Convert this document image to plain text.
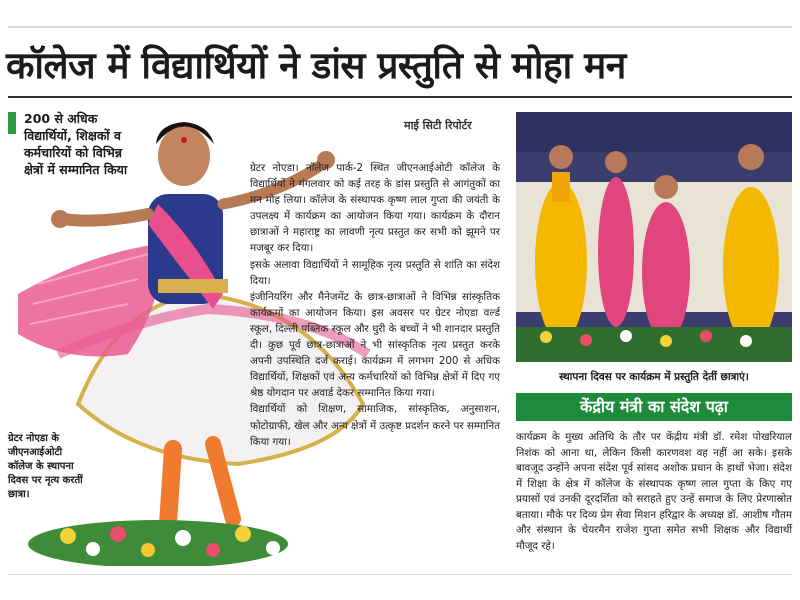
कॉलेज में विद्यार्थियों ने डांस प्रस्तुति से मोहा मन
200 से अधिक विद्यार्थियों, शिक्षकों व कर्मचारियों को विभिन्न क्षेत्रों में सम्मानित किया
माई सिटी रिपोर्टर

ग्रेटर नोएडा। नॉलेज पार्क-2 स्थित जीएनआईओटी कॉलेज के विद्यार्थियों ने मंगलवार को कई तरह के डांस प्रस्तुति से आगंतुकों का मन मोह लिया। कॉलेज के संस्थापक कृष्ण लाल गुप्ता की जयंती के उपलक्ष्य में कार्यक्रम का आयोजन किया गया। कार्यक्रम के दौरान छात्राओं ने महाराष्ट्र का लावणी नृत्य प्रस्तुत कर सभी को झूमने पर मजबूर कर दिया।

इसके अलावा विद्यार्थियों ने सामूहिक नृत्य प्रस्तुति से शांति का संदेश दिया।

इंजीनियरिंग और मैनेजमेंट के छात्र-छात्राओं ने विभिन्न सांस्कृतिक कार्यक्रमों का आयोजन किया। इस अवसर पर ग्रेटर नोएडा वर्ल्ड स्कूल, दिल्ली पब्लिक स्कूल और धुरी के बच्चों ने भी शानदार प्रस्तुति दी। कुछ पूर्व छात्र-छात्राओं ने भी सांस्कृतिक नृत्य प्रस्तुत करके अपनी उपस्थिति दर्ज कराई। कार्यक्रम में लगभग 200 से अधिक विद्यार्थियों, शिक्षकों एवं अन्य कर्मचारियों को विभिन्न क्षेत्रों में दिए गए श्रेष्ठ योगदान पर अवार्ड देकर सम्मानित किया गया।

विद्यार्थियों को शिक्षण, सामाजिक, सांस्कृतिक, अनुसाशन, फोटोग्राफी, खेल और अन्य क्षेत्रों में उत्कृष्ट प्रदर्शन करने पर सम्मानित किया गया।

ग्रेटर नोएडा के जीएनआईओटी कॉलेज के स्थापना दिवस पर नृत्य करतीं छात्रा।
स्थापना दिवस पर कार्यक्रम में प्रस्तुति देतीं छात्राएं।
केंद्रीय मंत्री का संदेश पढ़ा
कार्यक्रम के मुख्य अतिथि के तौर पर केंद्रीय मंत्री डॉ. रमेश पोखरियाल निशंक को आना था, लेकिन किसी कारणवश वह नहीं आ सके। इसके बावजूद उन्होंने अपना संदेश पूर्व सांसद अशोक प्रधान के हाथों भेजा। संदेश में शिक्षा के क्षेत्र में कॉलेज के संस्थापक कृष्ण लाल गुप्ता के किए गए प्रयासों एवं उनकी दूरदर्शिता को सराहते हुए उन्हें समाज के लिए प्रेरणास्रोत बताया। मौके पर दिव्य प्रेम सेवा मिशन हरिद्वार के अध्यक्ष डॉ. आशीष गौतम और संस्थान के चेयरमैन राजेश गुप्ता समेत सभी शिक्षक और विद्यार्थी मौजूद रहे।
